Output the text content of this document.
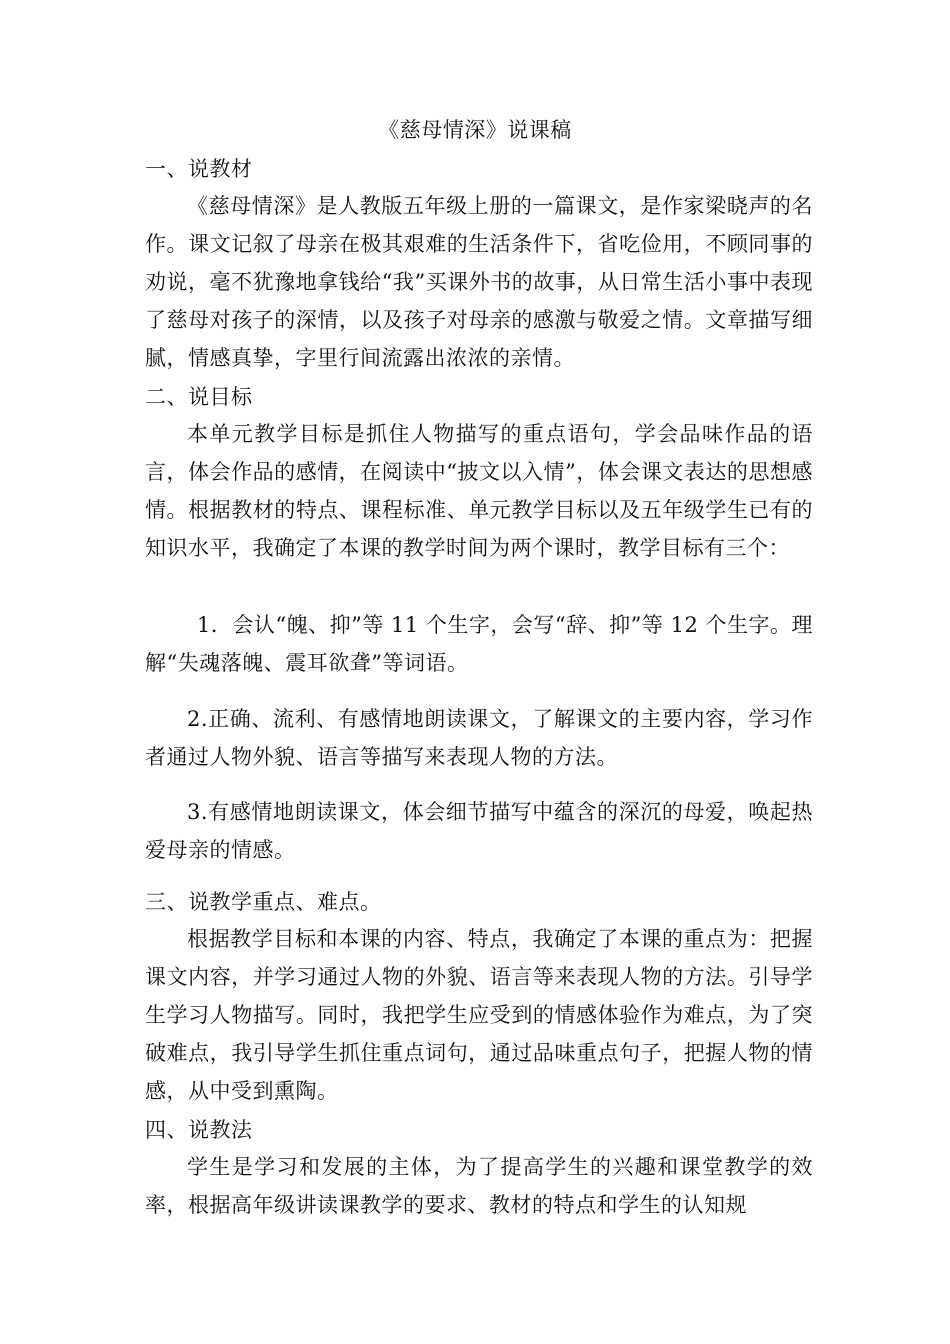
《慈母情深》说课稿
一、说教材
《慈母情深》是人教版五年级上册的一篇课文，是作家梁晓声的名作。课文记叙了母亲在极其艰难的生活条件下，省吃俭用，不顾同事的劝说，毫不犹豫地拿钱给“我”买课外书的故事，从日常生活小事中表现了慈母对孩子的深情，以及孩子对母亲的感激与敬爱之情。文章描写细腻，情感真挚，字里行间流露出浓浓的亲情。
二、说目标
本单元教学目标是抓住人物描写的重点语句，学会品味作品的语言，体会作品的感情，在阅读中“披文以入情”，体会课文表达的思想感情。根据教材的特点、课程标准、单元教学目标以及五年级学生已有的知识水平，我确定了本课的教学时间为两个课时，教学目标有三个：
1．会认“魄、抑”等 11 个生字，会写“辞、抑”等 12 个生字。理解“失魂落魄、震耳欲聋”等词语。
2.正确、流利、有感情地朗读课文，了解课文的主要内容，学习作者通过人物外貌、语言等描写来表现人物的方法。
3.有感情地朗读课文，体会细节描写中蕴含的深沉的母爱，唤起热爱母亲的情感。
三、说教学重点、难点。
根据教学目标和本课的内容、特点，我确定了本课的重点为：把握课文内容，并学习通过人物的外貌、语言等来表现人物的方法。引导学生学习人物描写。同时，我把学生应受到的情感体验作为难点，为了突破难点，我引导学生抓住重点词句，通过品味重点句子，把握人物的情感，从中受到熏陶。
四、说教法
学生是学习和发展的主体，为了提高学生的兴趣和课堂教学的效率，根据高年级讲读课教学的要求、教材的特点和学生的认知规
